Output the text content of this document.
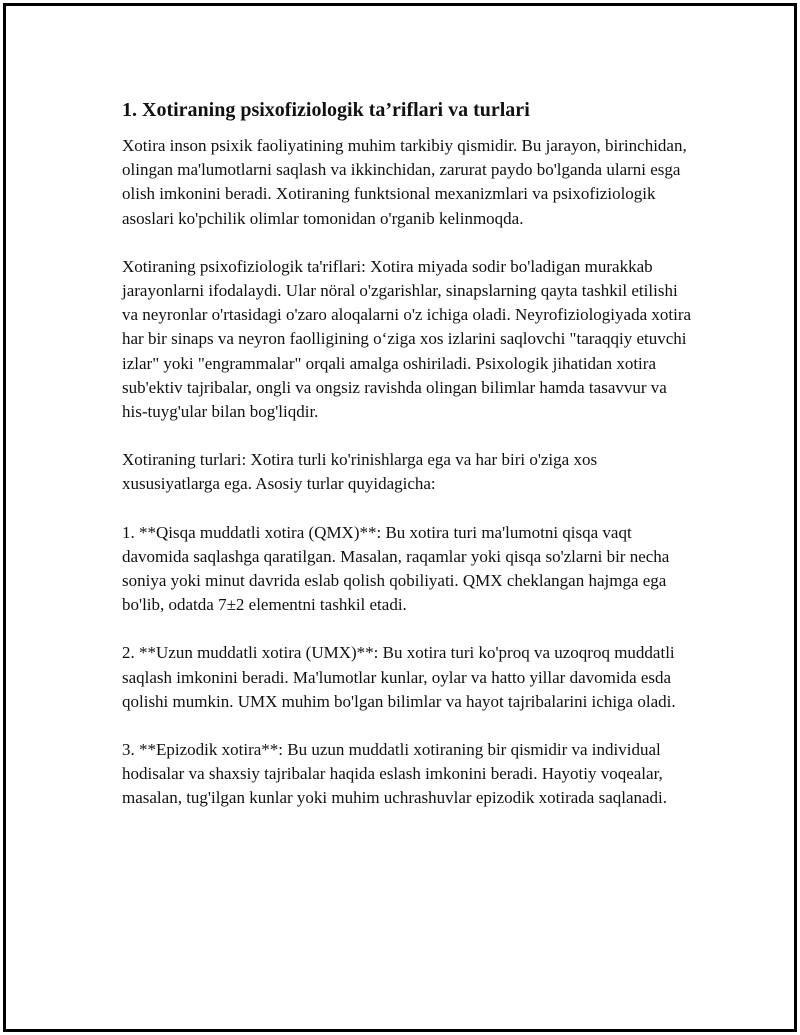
1. Xotiraning psixofiziologik ta’riflari va turlari

Xotira inson psixik faoliyatining muhim tarkibiy qismidir. Bu jarayon, birinchidan, olingan ma'lumotlarni saqlash va ikkinchidan, zarurat paydo bo'lganda ularni esga olish imkonini beradi. Xotiraning funktsional mexanizmlari va psixofiziologik asoslari ko'pchilik olimlar tomonidan o'rganib kelinmoqda.

Xotiraning psixofiziologik ta'riflari: Xotira miyada sodir bo'ladigan murakkab jarayonlarni ifodalaydi. Ular nöral o'zgarishlar, sinapslarning qayta tashkil etilishi va neyronlar o'rtasidagi o'zaro aloqalarni o'z ichiga oladi. Neyrofiziologiyada xotira har bir sinaps va neyron faolligining o‘ziga xos izlarini saqlovchi "taraqqiy etuvchi izlar" yoki "engrammalar" orqali amalga oshiriladi. Psixologik jihatidan xotira sub'ektiv tajribalar, ongli va ongsiz ravishda olingan bilimlar hamda tasavvur va his-tuyg'ular bilan bog'liqdir.

Xotiraning turlari: Xotira turli ko'rinishlarga ega va har biri o'ziga xos xususiyatlarga ega. Asosiy turlar quyidagicha:

1. **Qisqa muddatli xotira (QMX)**: Bu xotira turi ma'lumotni qisqa vaqt davomida saqlashga qaratilgan. Masalan, raqamlar yoki qisqa so'zlarni bir necha soniya yoki minut davrida eslab qolish qobiliyati. QMX cheklangan hajmga ega bo'lib, odatda 7±2 elementni tashkil etadi.

2. **Uzun muddatli xotira (UMX)**: Bu xotira turi ko'proq va uzoqroq muddatli saqlash imkonini beradi. Ma'lumotlar kunlar, oylar va hatto yillar davomida esda qolishi mumkin. UMX muhim bo'lgan bilimlar va hayot tajribalarini ichiga oladi.

3. **Epizodik xotira**: Bu uzun muddatli xotiraning bir qismidir va individual hodisalar va shaxsiy tajribalar haqida eslash imkonini beradi. Hayotiy voqealar, masalan, tug'ilgan kunlar yoki muhim uchrashuvlar epizodik xotirada saqlanadi.
